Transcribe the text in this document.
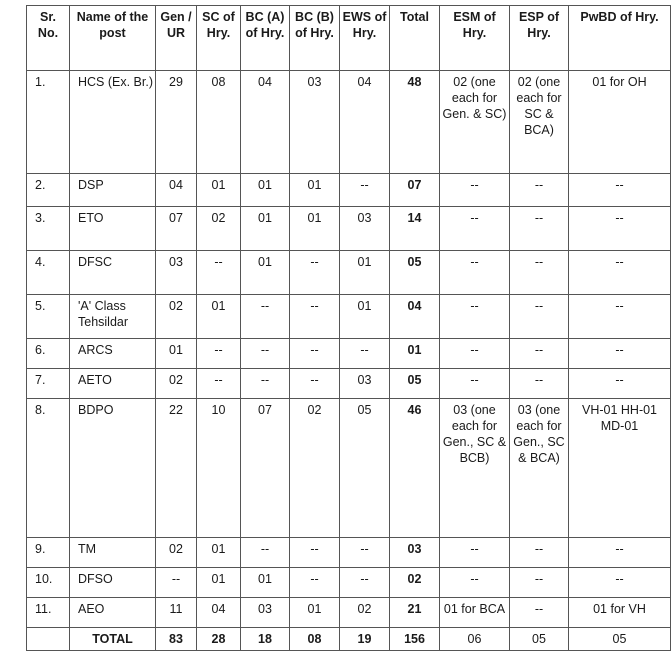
Sr. No.	Name of the post	Gen / UR	SC of Hry.	BC (A) of Hry.	BC (B) of Hry.	EWS of Hry.	Total	ESM of Hry.	ESP of Hry.	PwBD of Hry.
1.	HCS (Ex. Br.)	29	08	04	03	04	48	02 (one each for Gen. & SC)	02 (one each for SC & BCA)	01 for OH
2.	DSP	04	01	01	01	--	07	--	--	--
3.	ETO	07	02	01	01	03	14	--	--	--
4.	DFSC	03	--	01	--	01	05	--	--	--
5.	'A' Class Tehsildar	02	01	--	--	01	04	--	--	--
6.	ARCS	01	--	--	--	--	01	--	--	--
7.	AETO	02	--	--	--	03	05	--	--	--
8.	BDPO	22	10	07	02	05	46	03 (one each for Gen., SC & BCB)	03 (one each for Gen., SC & BCA)	VH-01 HH-01 MD-01
9.	TM	02	01	--	--	--	03	--	--	--
10.	DFSO	--	01	01	--	--	02	--	--	--
11.	AEO	11	04	03	01	02	21	01 for BCA	--	01 for VH
	TOTAL	83	28	18	08	19	156	06	05	05
